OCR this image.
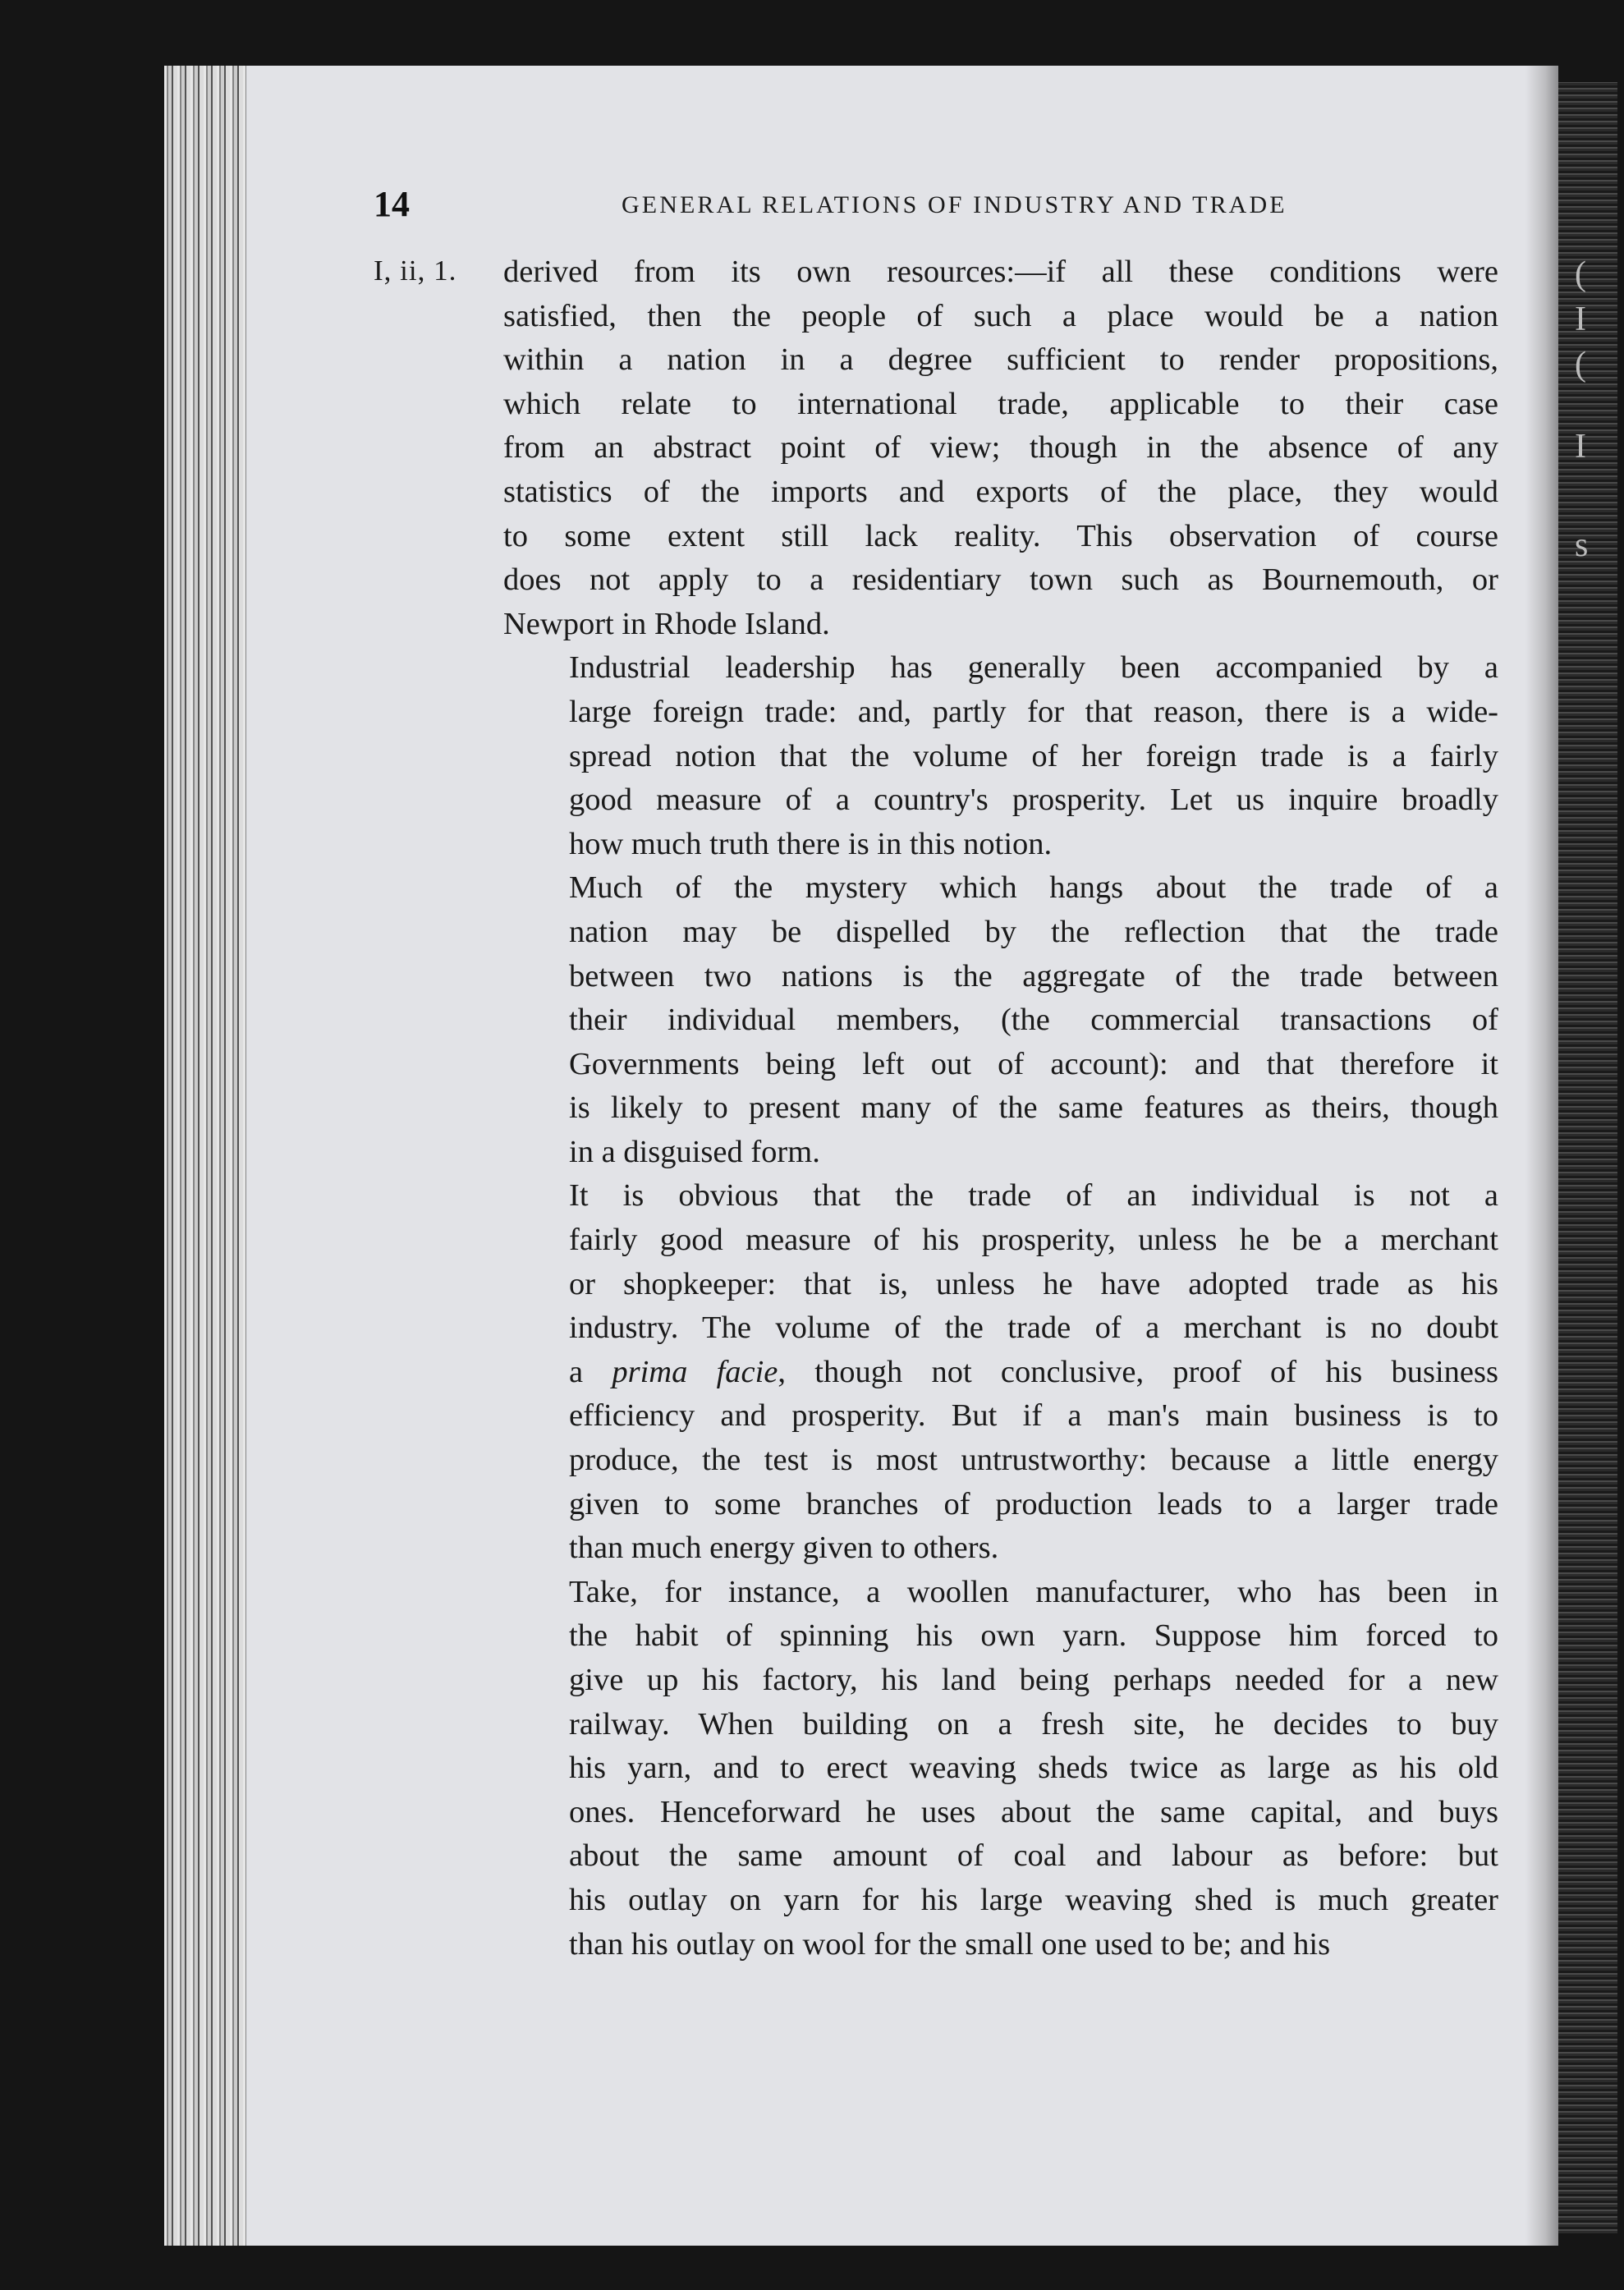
(
I
(
I
s
14	GENERAL RELATIONS OF INDUSTRY AND TRADE
I, ii, 1. derived from its own resources:—if all these conditions were
satisfied, then the people of such a place would be a nation
within a nation in a degree sufficient to render propositions,
which relate to international trade, applicable to their case
from an abstract point of view; though in the absence of any
statistics of the imports and exports of the place, they would
to some extent still lack reality. This observation of course
does not apply to a residentiary town such as Bournemouth, or
Newport in Rhode Island.

Industrial leadership has generally been accompanied by a
large foreign trade: and, partly for that reason, there is a wide-
spread notion that the volume of her foreign trade is a fairly
good measure of a country's prosperity. Let us inquire broadly
how much truth there is in this notion.

Much of the mystery which hangs about the trade of a
nation may be dispelled by the reflection that the trade
between two nations is the aggregate of the trade between
their individual members, (the commercial transactions of
Governments being left out of account): and that therefore it
is likely to present many of the same features as theirs, though
in a disguised form.

It is obvious that the trade of an individual is not a
fairly good measure of his prosperity, unless he be a merchant
or shopkeeper: that is, unless he have adopted trade as his
industry. The volume of the trade of a merchant is no doubt
a prima facie, though not conclusive, proof of his business
efficiency and prosperity. But if a man's main business is to
produce, the test is most untrustworthy: because a little energy
given to some branches of production leads to a larger trade
than much energy given to others.

Take, for instance, a woollen manufacturer, who has been in
the habit of spinning his own yarn. Suppose him forced to
give up his factory, his land being perhaps needed for a new
railway. When building on a fresh site, he decides to buy
his yarn, and to erect weaving sheds twice as large as his old
ones. Henceforward he uses about the same capital, and buys
about the same amount of coal and labour as before: but
his outlay on yarn for his large weaving shed is much greater
than his outlay on wool for the small one used to be; and his
